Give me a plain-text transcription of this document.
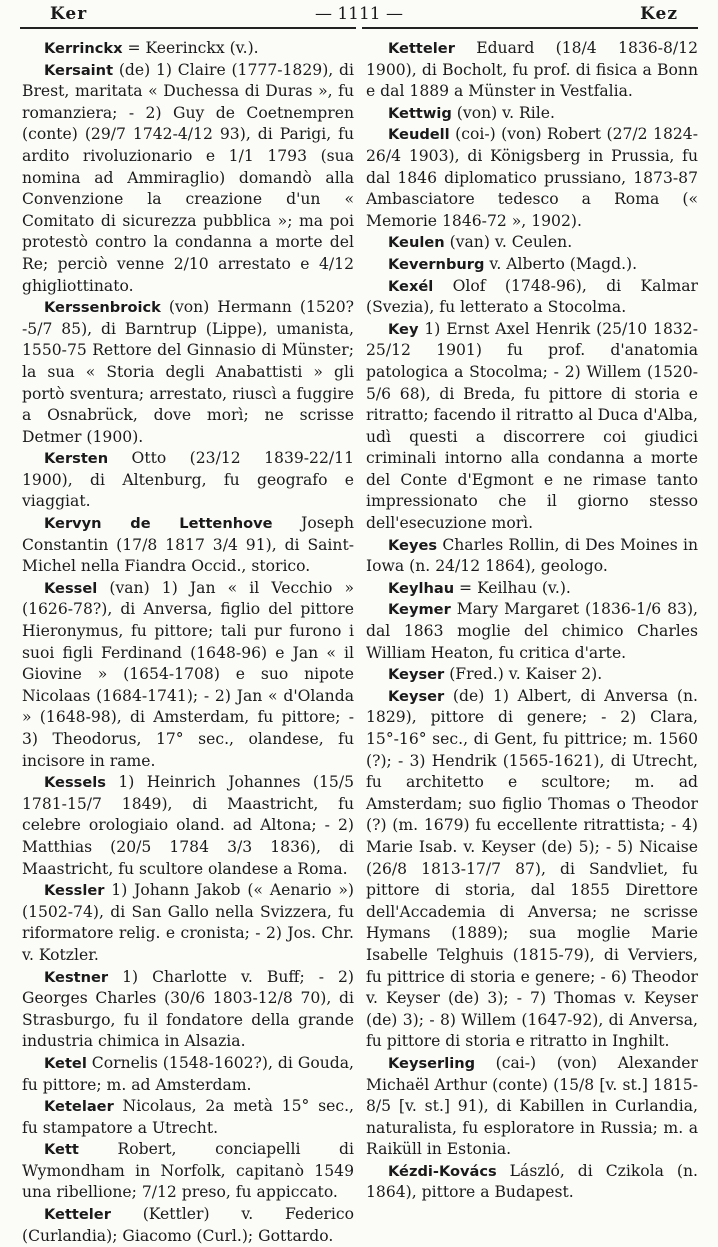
Ker	— 1111 —	Kez

Kerrinckx = Keerinckx (v.).

Kersaint (de) 1) Claire (1777-1829), di Brest, maritata « Duchessa di Duras », fu romanziera; - 2) Guy de Coetnempren (conte) (29/7 1742-4/12 93), di Parigi, fu ardito rivoluzionario e 1/1 1793 (sua nomina ad Ammiraglio) domandò alla Convenzione la creazione d'un « Comitato di sicurezza pubblica »; ma poi protestò contro la condanna a morte del Re; perciò venne 2/10 arrestato e 4/12 ghigliottinato.

Kerssenbroick (von) Hermann (1520?-5/7 85), di Barntrup (Lippe), umanista, 1550-75 Rettore del Ginnasio di Münster; la sua « Storia degli Anabattisti » gli portò sventura; arrestato, riuscì a fuggire a Osnabrück, dove morì; ne scrisse Detmer (1900).

Kersten Otto (23/12 1839-22/11 1900), di Altenburg, fu geografo e viaggiat.

Kervyn de Lettenhove Joseph Constantin (17/8 1817 3/4 91), di Saint-Michel nella Fiandra Occid., storico.

Kessel (van) 1) Jan « il Vecchio » (1626-78?), di Anversa, figlio del pittore Hieronymus, fu pittore; tali pur furono i suoi figli Ferdinand (1648-96) e Jan « il Giovine » (1654-1708) e suo nipote Nicolaas (1684-1741); - 2) Jan « d'Olanda » (1648-98), di Amsterdam, fu pittore; - 3) Theodorus, 17° sec., olandese, fu incisore in rame.

Kessels 1) Heinrich Johannes (15/5 1781-15/7 1849), di Maastricht, fu celebre orologiaio oland. ad Altona; - 2) Matthias (20/5 1784 3/3 1836), di Maastricht, fu scultore olandese a Roma.

Kessler 1) Johann Jakob (« Aenario ») (1502-74), di San Gallo nella Svizzera, fu riformatore relig. e cronista; - 2) Jos. Chr. v. Kotzler.

Kestner 1) Charlotte v. Buff; - 2) Georges Charles (30/6 1803-12/8 70), di Strasburgo, fu il fondatore della grande industria chimica in Alsazia.

Ketel Cornelis (1548-1602?), di Gouda, fu pittore; m. ad Amsterdam.

Ketelaer Nicolaus, 2a metà 15° sec., fu stampatore a Utrecht.

Kett Robert, conciapelli di Wymondham in Norfolk, capitanò 1549 una ribellione; 7/12 preso, fu appiccato.

Ketteler (Kettler) v. Federico (Curlandia); Giacomo (Curl.); Gottardo.

Ketteler Eduard (18/4 1836-8/12 1900), di Bocholt, fu prof. di fisica a Bonn e dal 1889 a Münster in Vestfalia.

Kettwig (von) v. Rile.

Keudell (coi-) (von) Robert (27/2 1824-26/4 1903), di Königsberg in Prussia, fu dal 1846 diplomatico prussiano, 1873-87 Ambasciatore tedesco a Roma (« Memorie 1846-72 », 1902).

Keulen (van) v. Ceulen.

Kevernburg v. Alberto (Magd.).

Kexél Olof (1748-96), di Kalmar (Svezia), fu letterato a Stocolma.

Key 1) Ernst Axel Henrik (25/10 1832-25/12 1901) fu prof. d'anatomia patologica a Stocolma; - 2) Willem (1520-5/6 68), di Breda, fu pittore di storia e ritratto; facendo il ritratto al Duca d'Alba, udì questi a discorrere coi giudici criminali intorno alla condanna a morte del Conte d'Egmont e ne rimase tanto impressionato che il giorno stesso dell'esecuzione morì.

Keyes Charles Rollin, di Des Moines in Iowa (n. 24/12 1864), geologo.

Keylhau = Keilhau (v.).

Keymer Mary Margaret (1836-1/6 83), dal 1863 moglie del chimico Charles William Heaton, fu critica d'arte.

Keyser (Fred.) v. Kaiser 2).

Keyser (de) 1) Albert, di Anversa (n. 1829), pittore di genere; - 2) Clara, 15°-16° sec., di Gent, fu pittrice; m. 1560 (?); - 3) Hendrik (1565-1621), di Utrecht, fu architetto e scultore; m. ad Amsterdam; suo figlio Thomas o Theodor (?) (m. 1679) fu eccellente ritrattista; - 4) Marie Isab. v. Keyser (de) 5); - 5) Nicaise (26/8 1813-17/7 87), di Sandvliet, fu pittore di storia, dal 1855 Direttore dell'Accademia di Anversa; ne scrisse Hymans (1889); sua moglie Marie Isabelle Telghuis (1815-79), di Verviers, fu pittrice di storia e genere; - 6) Theodor v. Keyser (de) 3); - 7) Thomas v. Keyser (de) 3); - 8) Willem (1647-92), di Anversa, fu pittore di storia e ritratto in Inghilt.

Keyserling (cai-) (von) Alexander Michaël Arthur (conte) (15/8 [v. st.] 1815-8/5 [v. st.] 91), di Kabillen in Curlandia, naturalista, fu esploratore in Russia; m. a Raiküll in Estonia.

Kézdi-Kovács László, di Czikola (n. 1864), pittore a Budapest.
